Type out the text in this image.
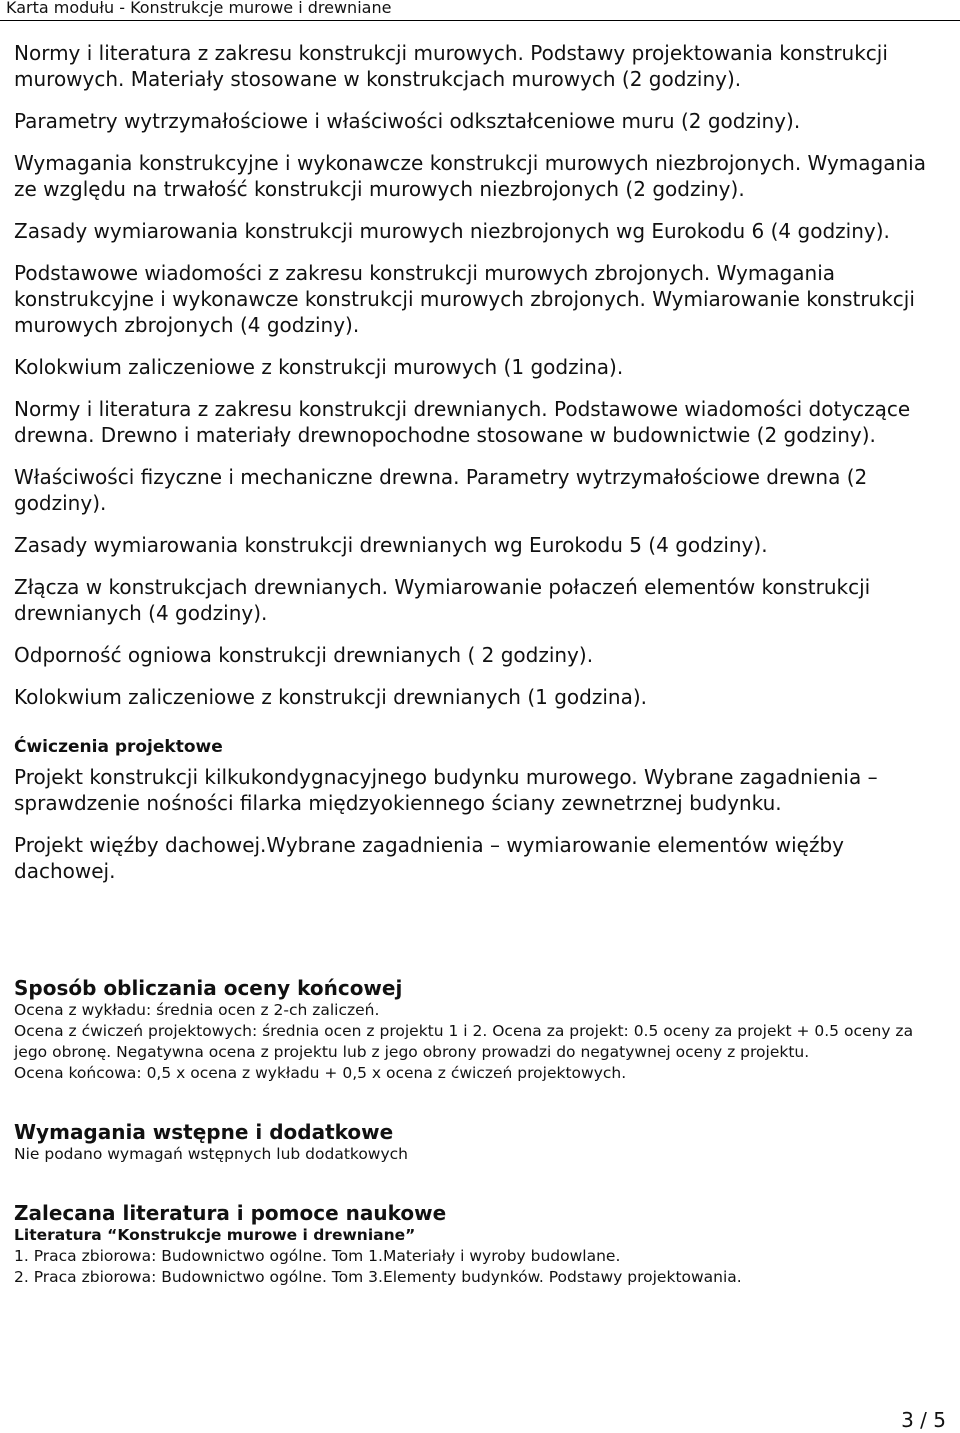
Karta modułu - Konstrukcje murowe i drewniane

Normy i literatura z zakresu konstrukcji murowych. Podstawy projektowania konstrukcji murowych. Materiały stosowane w konstrukcjach murowych (2 godziny).

Parametry wytrzymałościowe i właściwości odkształceniowe muru (2 godziny).

Wymagania konstrukcyjne i wykonawcze konstrukcji murowych niezbrojonych. Wymagania ze względu na trwałość konstrukcji murowych niezbrojonych (2 godziny).

Zasady wymiarowania konstrukcji murowych niezbrojonych wg Eurokodu 6 (4 godziny).

Podstawowe wiadomości z zakresu konstrukcji murowych zbrojonych. Wymagania konstrukcyjne i wykonawcze konstrukcji murowych zbrojonych. Wymiarowanie konstrukcji murowych zbrojonych (4 godziny).

Kolokwium zaliczeniowe z konstrukcji murowych (1 godzina).

Normy i literatura z zakresu konstrukcji drewnianych. Podstawowe wiadomości dotyczące drewna. Drewno i materiały drewnopochodne stosowane w budownictwie (2 godziny).

Właściwości fizyczne i mechaniczne drewna. Parametry wytrzymałościowe drewna (2 godziny).

Zasady wymiarowania konstrukcji drewnianych wg Eurokodu 5 (4 godziny).

Złącza w konstrukcjach drewnianych. Wymiarowanie połaczeń elementów konstrukcji drewnianych (4 godziny).

Odporność ogniowa konstrukcji drewnianych ( 2 godziny).

Kolokwium zaliczeniowe z konstrukcji drewnianych (1 godzina).

Ćwiczenia projektowe

Projekt konstrukcji kilkukondygnacyjnego budynku murowego. Wybrane zagadnienia – sprawdzenie nośności filarka międzyokiennego ściany zewnetrznej budynku.

Projekt więźby dachowej.Wybrane zagadnienia – wymiarowanie elementów więźby dachowej.

Sposób obliczania oceny końcowej

Ocena z wykładu: średnia ocen z 2-ch zaliczeń.

Ocena z ćwiczeń projektowych: średnia ocen z projektu 1 i 2. Ocena za projekt: 0.5 oceny za projekt + 0.5 oceny za jego obronę. Negatywna ocena z projektu lub z jego obrony prowadzi do negatywnej oceny z projektu.

Ocena końcowa: 0,5 x ocena z wykładu + 0,5 x ocena z ćwiczeń projektowych.

Wymagania wstępne i dodatkowe

Nie podano wymagań wstępnych lub dodatkowych

Zalecana literatura i pomoce naukowe

Literatura “Konstrukcje murowe i drewniane”

1. Praca zbiorowa: Budownictwo ogólne. Tom 1.Materiały i wyroby budowlane.

2. Praca zbiorowa: Budownictwo ogólne. Tom 3.Elementy budynków. Podstawy projektowania.

3 / 5
